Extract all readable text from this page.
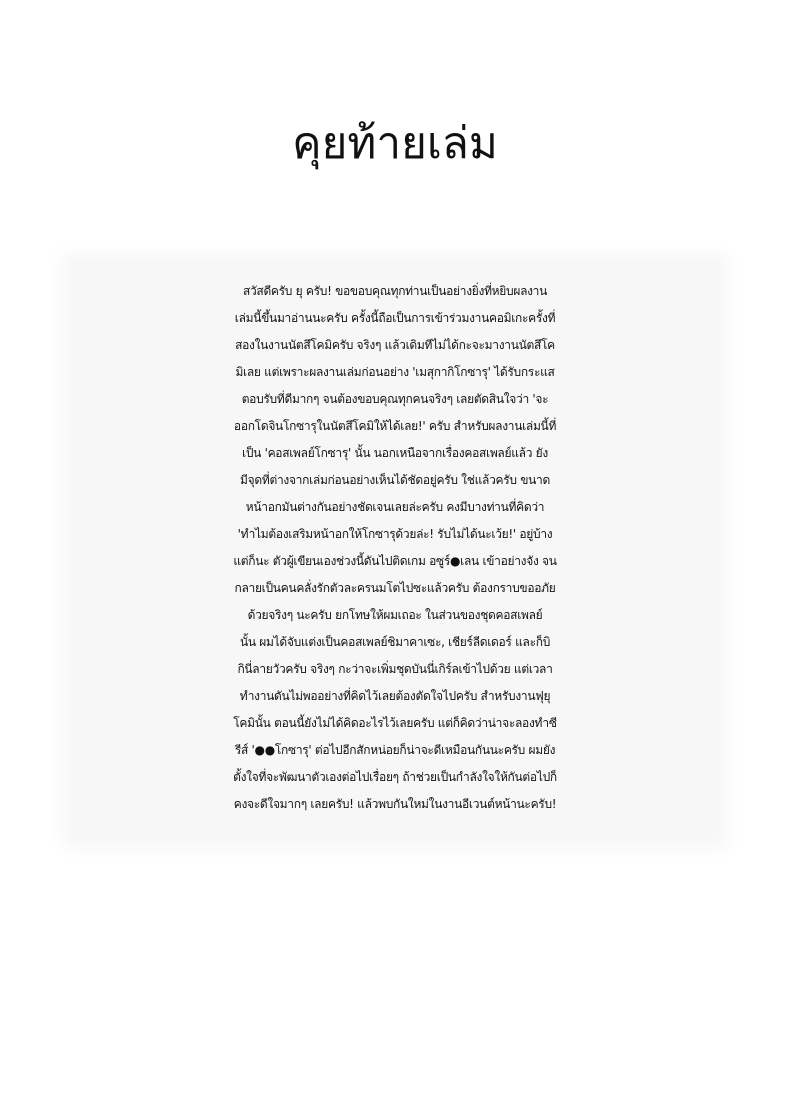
คุยท้ายเล่ม
สวัสดีครับ ยุ ครับ! ขอขอบคุณทุกท่านเป็นอย่างยิ่งที่หยิบผลงาน
เล่มนี้ขึ้นมาอ่านนะครับ ครั้งนี้ถือเป็นการเข้าร่วมงานคอมิเกะครั้งที่
สองในงานนัตสึโคมิครับ จริงๆ แล้วเดิมทีไม่ได้กะจะมางานนัตสึโค
มิเลย แต่เพราะผลงานเล่มก่อนอย่าง 'เมสุกากิโกซารุ' ได้รับกระแส
ตอบรับที่ดีมากๆ จนต้องขอบคุณทุกคนจริงๆ เลยตัดสินใจว่า 'จะ
ออกโดจินโกซารุในนัตสึโคมิให้ได้เลย!' ครับ สำหรับผลงานเล่มนี้ที่
เป็น 'คอสเพลย์โกซารุ' นั้น นอกเหนือจากเรื่องคอสเพลย์แล้ว ยัง
มีจุดที่ต่างจากเล่มก่อนอย่างเห็นได้ชัดอยู่ครับ ใช่แล้วครับ ขนาด
หน้าอกมันต่างกันอย่างชัดเจนเลยล่ะครับ คงมีบางท่านที่คิดว่า
'ทำไมต้องเสริมหน้าอกให้โกซารุด้วยล่ะ! รับไม่ได้นะเว้ย!' อยู่บ้าง
แต่ก็นะ ตัวผู้เขียนเองช่วงนี้ดันไปติดเกม อซูร์●เลน เข้าอย่างจัง จน
กลายเป็นคนคลั่งรักตัวละครนมโตไปซะแล้วครับ ต้องกราบขออภัย
ด้วยจริงๆ นะครับ ยกโทษให้ผมเถอะ ในส่วนของชุดคอสเพลย์
นั้น ผมได้จับแต่งเป็นคอสเพลย์ชิมาคาเซะ, เชียร์ลีดเดอร์ และก็บิ
กินี่ลายวัวครับ จริงๆ กะว่าจะเพิ่มชุดบันนี่เกิร์ลเข้าไปด้วย แต่เวลา
ทำงานดันไม่พออย่างที่คิดไว้เลยต้องตัดใจไปครับ สำหรับงานฟุยุ
โคมินั้น ตอนนี้ยังไม่ได้คิดอะไรไว้เลยครับ แต่ก็คิดว่าน่าจะลองทำซี
รีส์ '●●โกซารุ' ต่อไปอีกสักหน่อยก็น่าจะดีเหมือนกันนะครับ ผมยัง
ตั้งใจที่จะพัฒนาตัวเองต่อไปเรื่อยๆ ถ้าช่วยเป็นกำลังใจให้กันต่อไปก็
คงจะดีใจมากๆ เลยครับ! แล้วพบกันใหม่ในงานอีเวนต์หน้านะครับ!
